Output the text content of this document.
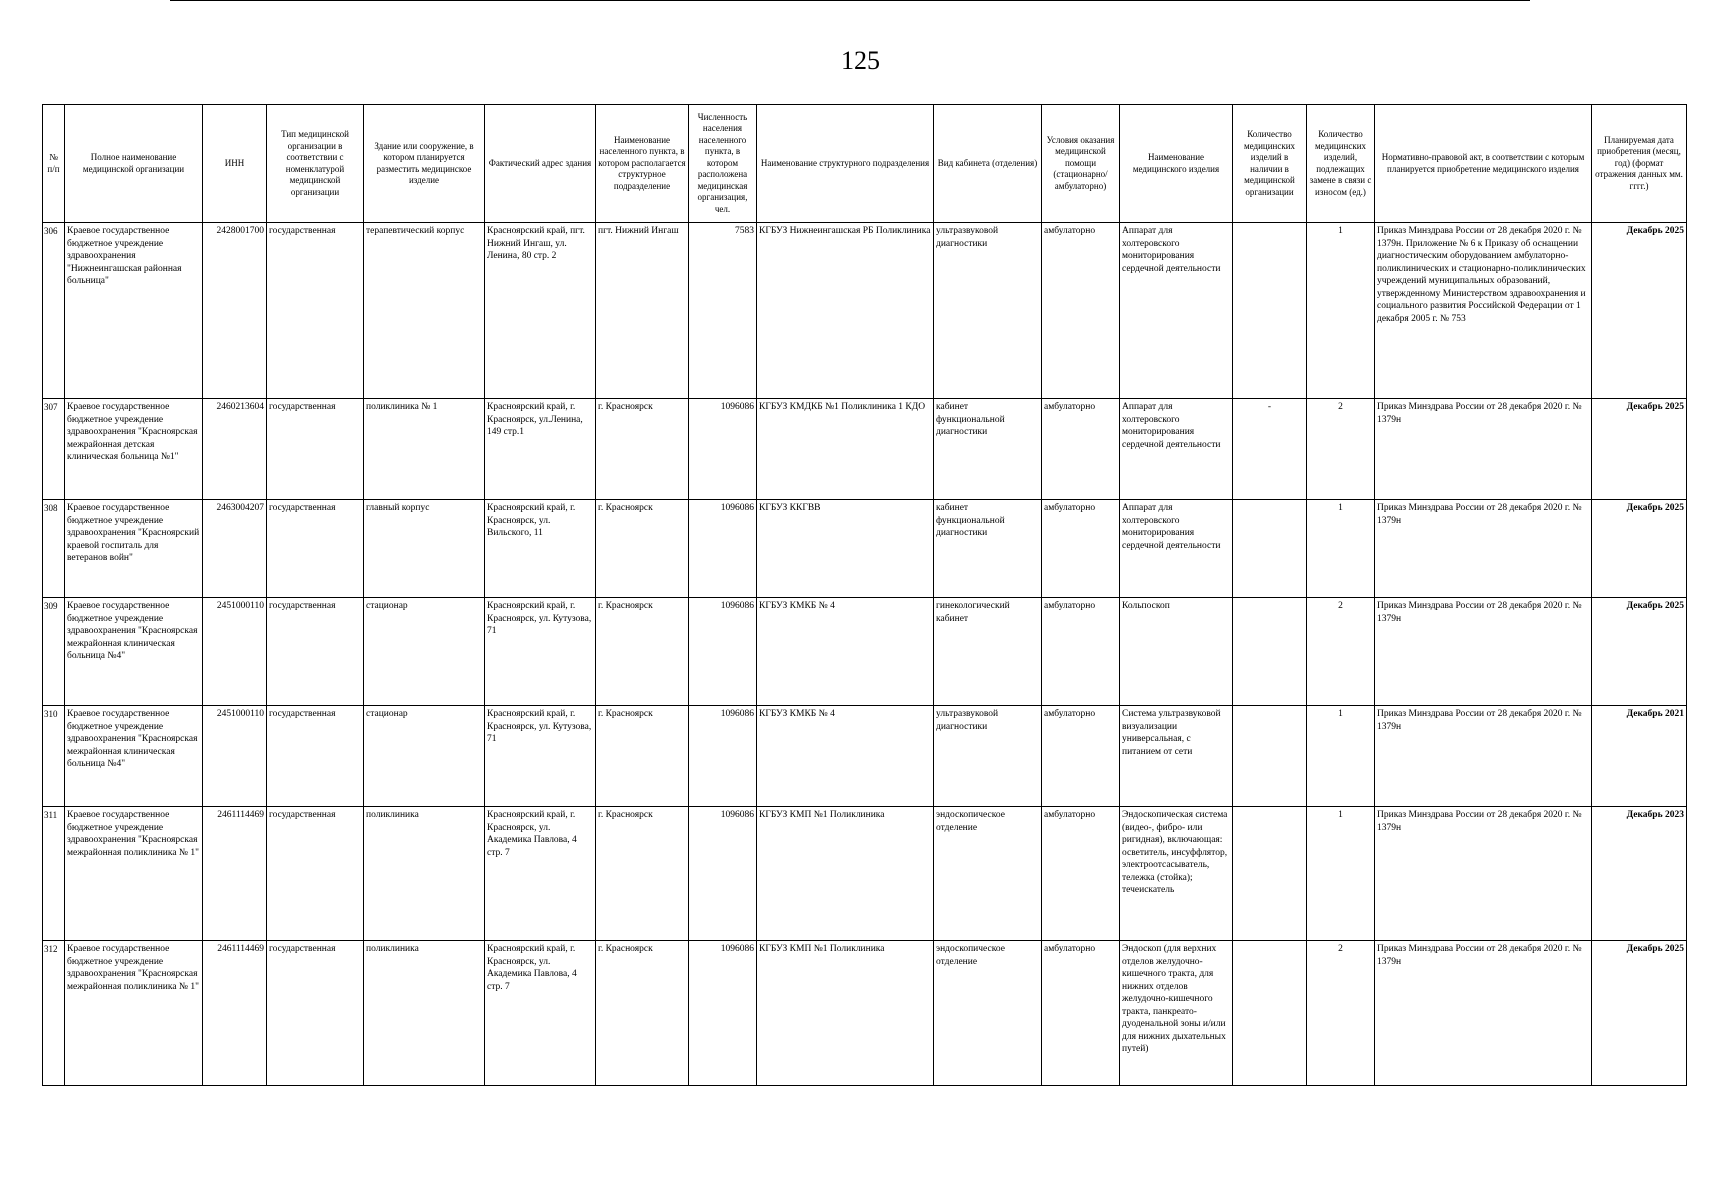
125
№ п/п	Полное наименование медицинской организации	ИНН	Тип медицинской организации в соответствии с номенклатурой медицинской организации	Здание или сооружение, в котором планируется разместить медицинское изделие	Фактический адрес здания	Наименование населенного пункта, в котором располагается структурное подразделение	Численность населения населенного пункта, в котором расположена медицинская организация, чел.	Наименование структурного подразделения	Вид кабинета (отделения)	Условия оказания медицинской помощи (стационарно/ амбулаторно)	Наименование медицинского изделия	Количество медицинских изделий в наличии в медицинской организации	Количество медицинских изделий, подлежащих замене в связи с износом (ед.)	Нормативно-правовой акт, в соответствии с которым планируется приобретение медицинского изделия	Планируемая дата приобретения (месяц, год) (формат отражения данных мм. гггг.)
306	Краевое государственное бюджетное учреждение здравоохранения "Нижнеингашская районная больница"	2428001700	государственная	терапевтический корпус	Красноярский край, пгт. Нижний Ингаш, ул. Ленина, 80 стр. 2	пгт. Нижний Ингаш	7583	КГБУЗ Нижнеингашская РБ Поликлиника	ультразвуковой диагностики	амбулаторно	Аппарат для холтеровского мониторирования сердечной деятельности		1	Приказ Минздрава России от 28 декабря 2020 г. № 1379н. Приложение № 6 к Приказу об оснащении диагностическим оборудованием амбулаторно-поликлинических и стационарно-поликлинических учреждений муниципальных образований, утвержденному Министерством здравоохранения и социального развития Российской Федерации от 1 декабря 2005 г. № 753	Декабрь 2025
307	Краевое государственное бюджетное учреждение здравоохранения "Красноярская межрайонная детская клиническая больница №1"	2460213604	государственная	поликлиника № 1	Красноярский край, г. Красноярск, ул.Ленина, 149 стр.1	г. Красноярск	1096086	КГБУЗ КМДКБ №1 Поликлиника 1 КДО	кабинет функциональной диагностики	амбулаторно	Аппарат для холтеровского мониторирования сердечной деятельности	-	2	Приказ Минздрава России от 28 декабря 2020 г. № 1379н	Декабрь 2025
308	Краевое государственное бюджетное учреждение здравоохранения "Красноярский краевой госпиталь для ветеранов войн"	2463004207	государственная	главный корпус	Красноярский край, г. Красноярск, ул. Вильского, 11	г. Красноярск	1096086	КГБУЗ ККГВВ	кабинет функциональной диагностики	амбулаторно	Аппарат для холтеровского мониторирования сердечной деятельности		1	Приказ Минздрава России от 28 декабря 2020 г. № 1379н	Декабрь 2025
309	Краевое государственное бюджетное учреждение здравоохранения "Красноярская межрайонная клиническая больница №4"	2451000110	государственная	стационар	Красноярский край, г. Красноярск, ул. Кутузова, 71	г. Красноярск	1096086	КГБУЗ КМКБ № 4	гинекологический кабинет	амбулаторно	Кольпоскоп		2	Приказ Минздрава России от 28 декабря 2020 г. № 1379н	Декабрь 2025
310	Краевое государственное бюджетное учреждение здравоохранения "Красноярская межрайонная клиническая больница №4"	2451000110	государственная	стационар	Красноярский край, г. Красноярск, ул. Кутузова, 71	г. Красноярск	1096086	КГБУЗ КМКБ № 4	ультразвуковой диагностики	амбулаторно	Система ультразвуковой визуализации универсальная, с питанием от сети		1	Приказ Минздрава России от 28 декабря 2020 г. № 1379н	Декабрь 2021
311	Краевое государственное бюджетное учреждение здравоохранения "Красноярская межрайонная поликлиника № 1"	2461114469	государственная	поликлиника	Красноярский край, г. Красноярск, ул. Академика Павлова, 4 стр. 7	г. Красноярск	1096086	КГБУЗ КМП №1 Поликлиника	эндоскопическое отделение	амбулаторно	Эндоскопическая система (видео-, фибро- или ригидная), включающая: осветитель, инсуффлятор, электроотсасыватель, тележка (стойка); течеискатель		1	Приказ Минздрава России от 28 декабря 2020 г. № 1379н	Декабрь 2023
312	Краевое государственное бюджетное учреждение здравоохранения "Красноярская межрайонная поликлиника № 1"	2461114469	государственная	поликлиника	Красноярский край, г. Красноярск, ул. Академика Павлова, 4 стр. 7	г. Красноярск	1096086	КГБУЗ КМП №1 Поликлиника	эндоскопическое отделение	амбулаторно	Эндоскоп (для верхних отделов желудочно-кишечного тракта, для нижних отделов желудочно-кишечного тракта, панкреато-дуоденальной зоны и/или для нижних дыхательных путей)		2	Приказ Минздрава России от 28 декабря 2020 г. № 1379н	Декабрь 2025
